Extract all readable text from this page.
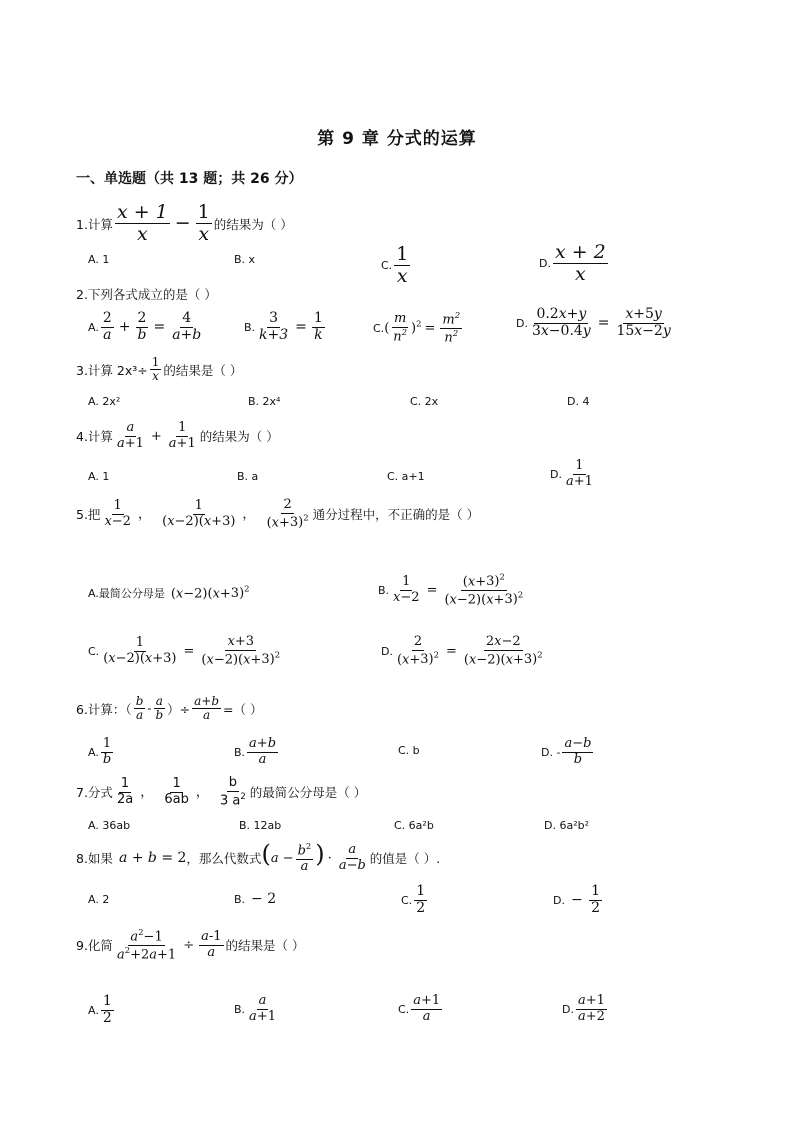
第 9 章 分式的运算
一、单选题（共 13 题；共 26 分）
1.计算 $\frac{x + 1}{x} - \frac{1}{x}$ 的结果为（ ）
A. 1	B. x	C. $\frac{1}{x}$	D. $\frac{x + 2}{x}$
2.下列各式成立的是（ ）
A. $\frac{2}{a} + \frac{2}{b} = \frac{4}{a+b}$	B. $\frac{3}{k+3} = \frac{1}{k}$	C. ( $\frac{m}{n^2} )^2 = \frac{m^2}{n^2}$	D. $\frac{0.2x+y}{3x-0.4y} = \frac{x+5y}{15x-2y}$
3.计算 $2x^3\div \frac{1}{x}$ 的结果是（ ）
A. 2x²	B. 2x⁴	C. 2x	D. 4
4.计算 $\frac{a}{a+1} + \frac{1}{a+1}$ 的结果为（ ）
A. 1	B. a	C. a+1	D. $\frac{1}{a+1}$
5.把 $\frac{1}{x-2}$ ， $\frac{1}{(x-2)(x+3)}$ ， $\frac{2}{(x+3)^2}$ 通分过程中，不正确的是（ ）
A.最简公分母是 $(x-2)(x+3)^2$	B. $\frac{1}{x-2} = \frac{(x+3)^2}{(x-2)(x+3)^2}$
C. $\frac{1}{(x-2)(x+3)} = \frac{x+3}{(x-2)(x+3)^2}$	D. $\frac{2}{(x+3)^2} = \frac{2x-2}{(x-2)(x+3)^2}$
6.计算：（ $\frac{b}{a} - \frac{a}{b}$ ）÷ $\frac{a+b}{a}$ =（ ）
A. $\frac{1}{b}$	B. $\frac{a+b}{a}$	C. b	D. - $\frac{a-b}{b}$
7.分式 $\frac{1}{2a}$ ， $\frac{1}{6ab}$ ， $\frac{b}{3 a^2}$ 的最简公分母是（ ）
A. 36ab	B. 12ab	C. 6a²b	D. 6a²b²
8.如果 a + b = 2 ，那么代数式 ($a - \frac{b^2}{a}$ ) · $\frac{a}{a-b}$ 的值是（ ）.
A. 2	B. − 2	C. $\frac{1}{2}$	D. − $\frac{1}{2}$
9.化简 $\frac{a^2-1}{a^2+2a+1} \div \frac{a-1}{a}$ 的结果是（ ）
A. $\frac{1}{2}$	B. $\frac{a}{a+1}$	C. $\frac{a+1}{a}$	D. $\frac{a+1}{a+2}$
